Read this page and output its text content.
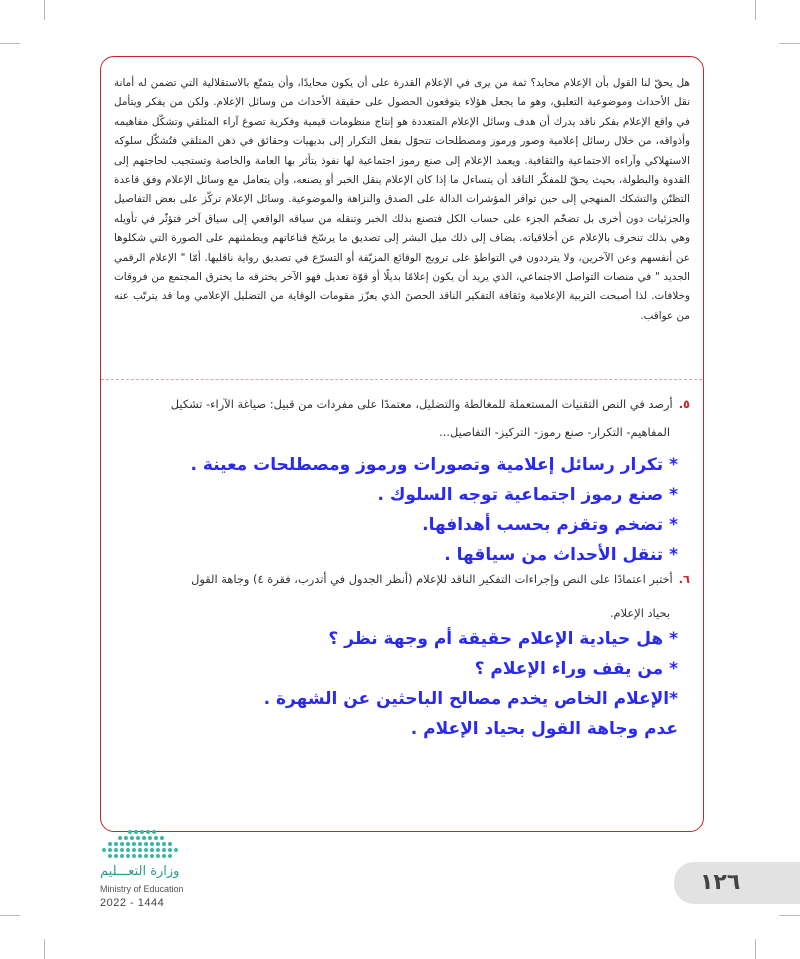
هل يحقّ لنا القول بأن الإعلام محايد؟ ثمة من يرى في الإعلام القدرة على أن يكون محايدًا، وأن يتمتّع بالاستقلالية التي تضمن له أمانة نقل الأحداث وموضوعية التعليق، وهو ما يجعل هؤلاء يتوقعون الحصول على حقيقة الأحداث من وسائل الإعلام. ولكن من يفكر ويتأمل في واقع الإعلام بفكر ناقد يدرك أن هدف وسائل الإعلام المتعددة هو إنتاج منظومات قيمية وفكرية تصوغ آراء المتلقي وتشكّل مفاهيمه وأذواقه، من خلال رسائل إعلامية وصور ورموز ومصطلحات تتحوّل بفعل التكرار إلى بديهيات وحقائق في ذهن المتلقي فتُشكّل سلوكه الاستهلاكي وآراءه الاجتماعية والثقافية. ويعمد الإعلام إلى صنع رموز اجتماعية لها نفوذ يتأثر بها العامة والخاصة وتستجيب لحاجتهم إلى القدوة والبطولة، بحيث يحقّ للمفكّر الناقد أن يتساءل ما إذا كان الإعلام ينقل الخبر أو يصنعه، وأن يتعامل مع وسائل الإعلام وفق قاعدة التظنّن والتشكك المنهجي إلى حين توافر المؤشرات الدالة على الصدق والنزاهة والموضوعية. وسائل الإعلام تركّز على بعض التفاصيل والجزئيات دون أخرى بل تضخّم الجزء على حساب الكل فتصنع بذلك الخبر وتنقله من سياقه الواقعي إلى سياق آخر فتؤثّر في تأويله وهي بذلك تنحرف بالإعلام عن أخلاقياته. يضاف إلى ذلك ميل البشر إلى تصديق ما يرسّخ قناعاتهم ويطمئنهم على الصورة التي شكلوها عن أنفسهم وعن الآخرين، ولا يترددون في التواطؤ على ترويج الوقائع المزيّفة أو التسرّع في تصديق رواية ناقليها. أمّا " الإعلام الرقمي الجديد " في منصات التواصل الاجتماعي، الذي يريد أن يكون إعلامًا بديلًا أو قوّة تعديل فهو الآخر يخترقه ما يخترق المجتمع من فروقات وخلافات. لذا أصبحت التربية الإعلامية وثقافة التفكير الناقد الحصنَ الذي يعزّز مقومات الوقاية من التضليل الإعلامي وما قد يترتّب عنه من عواقب.
٥.أرصد في النص التقنيات المستعملة للمغالطة والتضليل، معتمدًا على مفردات من قبيل: صياغة الآراء- تشكيل
المفاهيم- التكرار- صنع رموز- التركيز- التفاصيل...
* تكرار رسائل إعلامية وتصورات ورموز ومصطلحات معينة .
* صنع رموز اجتماعية توجه السلوك .
* تضخم وتقزم بحسب أهدافها.
* تنقل الأحداث من سياقها .
٦.أختبر اعتمادًا على النص وإجراءات التفكير الناقد للإعلام (أنظر الجدول في أتدرب، فقرة ٤) وجاهة القول
بحياد الإعلام.
* هل حيادية الإعلام حقيقة أم وجهة نظر ؟
* من يقف وراء الإعلام ؟
*الإعلام الخاص يخدم مصالح الباحثين عن الشهرة .
عدم وجاهة القول بحياد الإعلام .
وزارة التعـــليم
Ministry of Education
2022 - 1444
١٢٦
